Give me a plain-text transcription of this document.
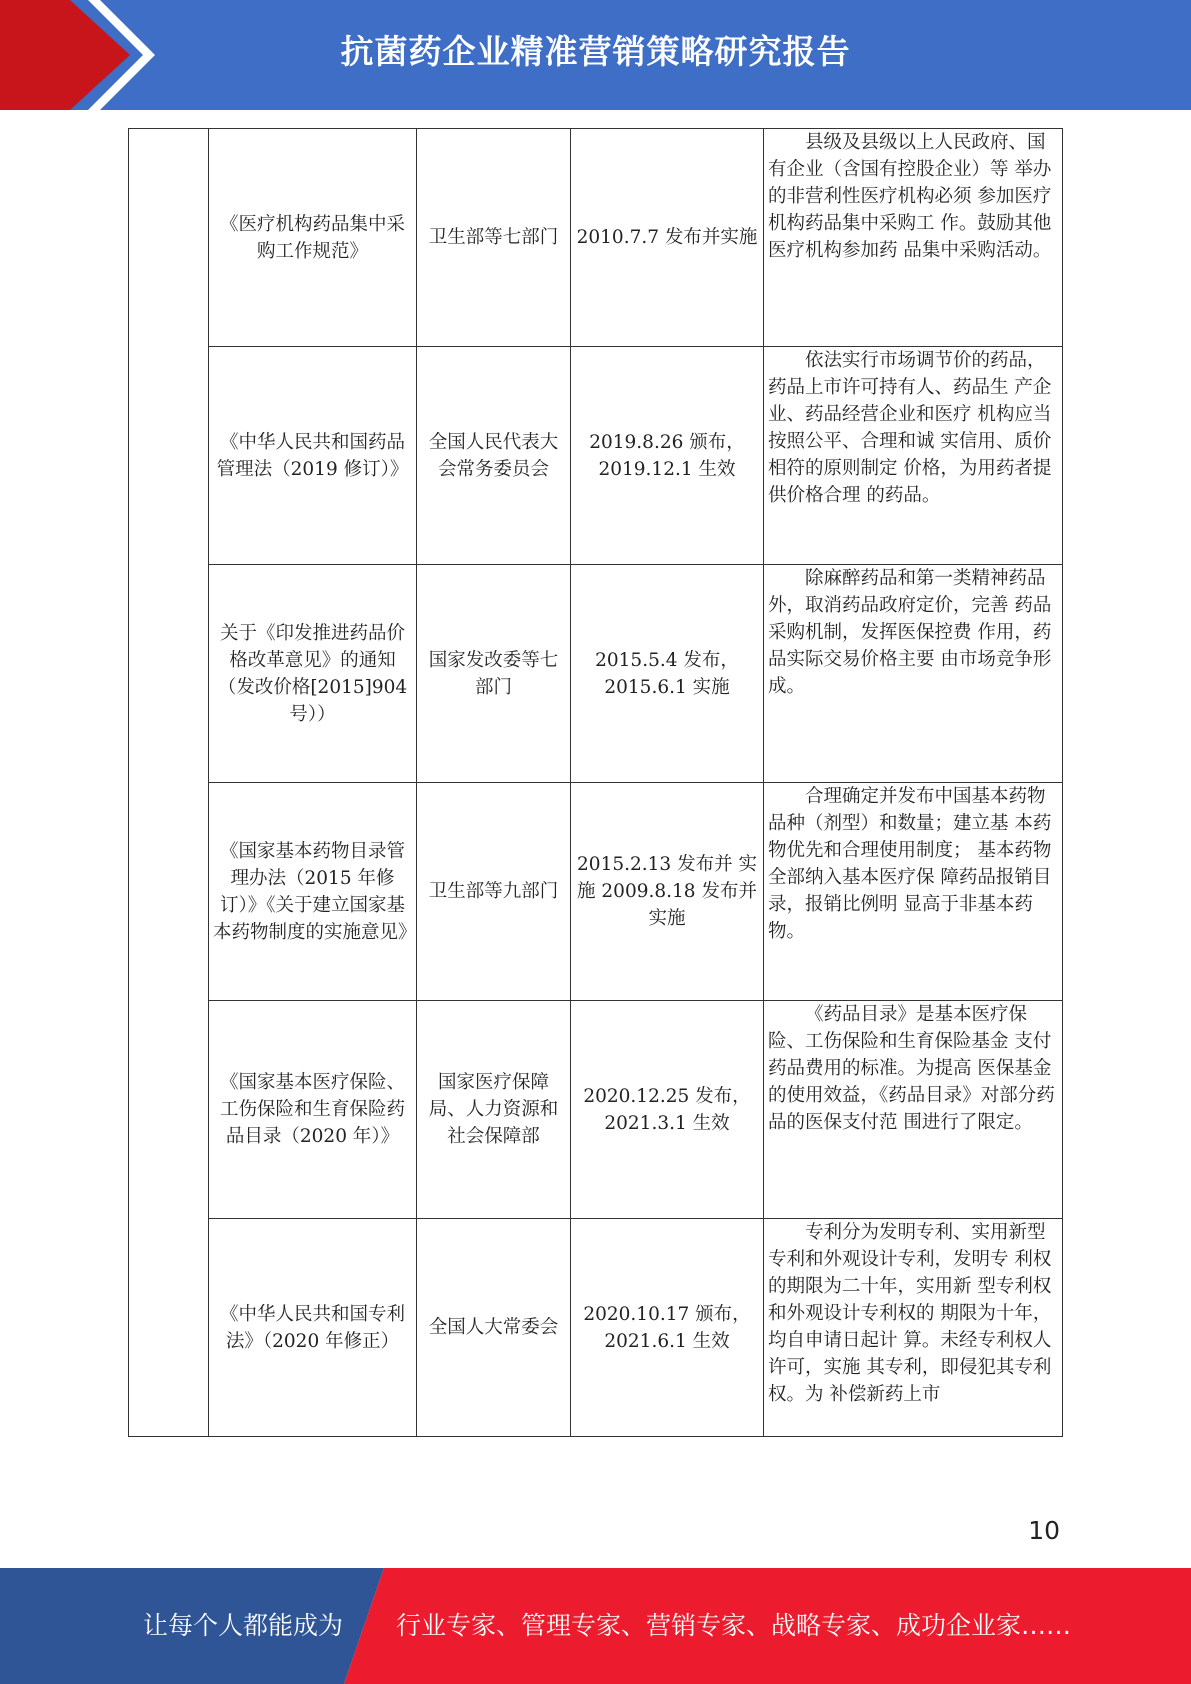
抗菌药企业精准营销策略研究报告
	《医疗机构药品集中采购工作规范》	卫生部等七部门	2010.7.7 发布并实施	县级及县级以上人民政府、国有企业（含国有控股企业）等 举办的非营利性医疗机构必须 参加医疗机构药品集中采购工 作。鼓励其他医疗机构参加药 品集中采购活动。

	《中华人民共和国药品管理法（2019 修订）》	全国人民代表大会常务委员会	2019.8.26 颁布，2019.12.1 生效	依法实行市场调节价的药品，药品上市许可持有人、药品生 产企业、药品经营企业和医疗 机构应当按照公平、合理和诚 实信用、质价相符的原则制定 价格，为用药者提供价格合理 的药品。

	关于《印发推进药品价格改革意见》的通知（发改价格[2015]904 号））	国家发改委等七部门	2015.5.4 发布，2015.6.1 实施	除麻醉药品和第一类精神药品外，取消药品政府定价，完善 药品采购机制，发挥医保控费 作用，药品实际交易价格主要 由市场竞争形成。

	《国家基本药物目录管理办法（2015 年修订）》《关于建立国家基本药物制度的实施意见》	卫生部等九部门	2015.2.13 发布并 实施 2009.8.18 发布并 实施	合理确定并发布中国基本药物品种（剂型）和数量；建立基 本药物优先和合理使用制度； 基本药物全部纳入基本医疗保 障药品报销目录，报销比例明 显高于非基本药物。

	《国家基本医疗保险、工伤保险和生育保险药品目录（2020 年）》	国家医疗保障局、人力资源和社会保障部	2020.12.25 发布，2021.3.1 生效	《药品目录》是基本医疗保险、工伤保险和生育保险基金 支付药品费用的标准。为提高 医保基金的使用效益，《药品目录》对部分药品的医保支付范 围进行了限定。

	《中华人民共和国专利法》（2020 年修正）	全国人大常委会	2020.10.17 颁布，2021.6.1 生效	专利分为发明专利、实用新型专利和外观设计专利，发明专 利权的期限为二十年，实用新 型专利权和外观设计专利权的 期限为十年，均自申请日起计 算。未经专利权人许可，实施 其专利，即侵犯其专利权。为 补偿新药上市
10
让每个人都能成为 行业专家、管理专家、营销专家、战略专家、成功企业家……
